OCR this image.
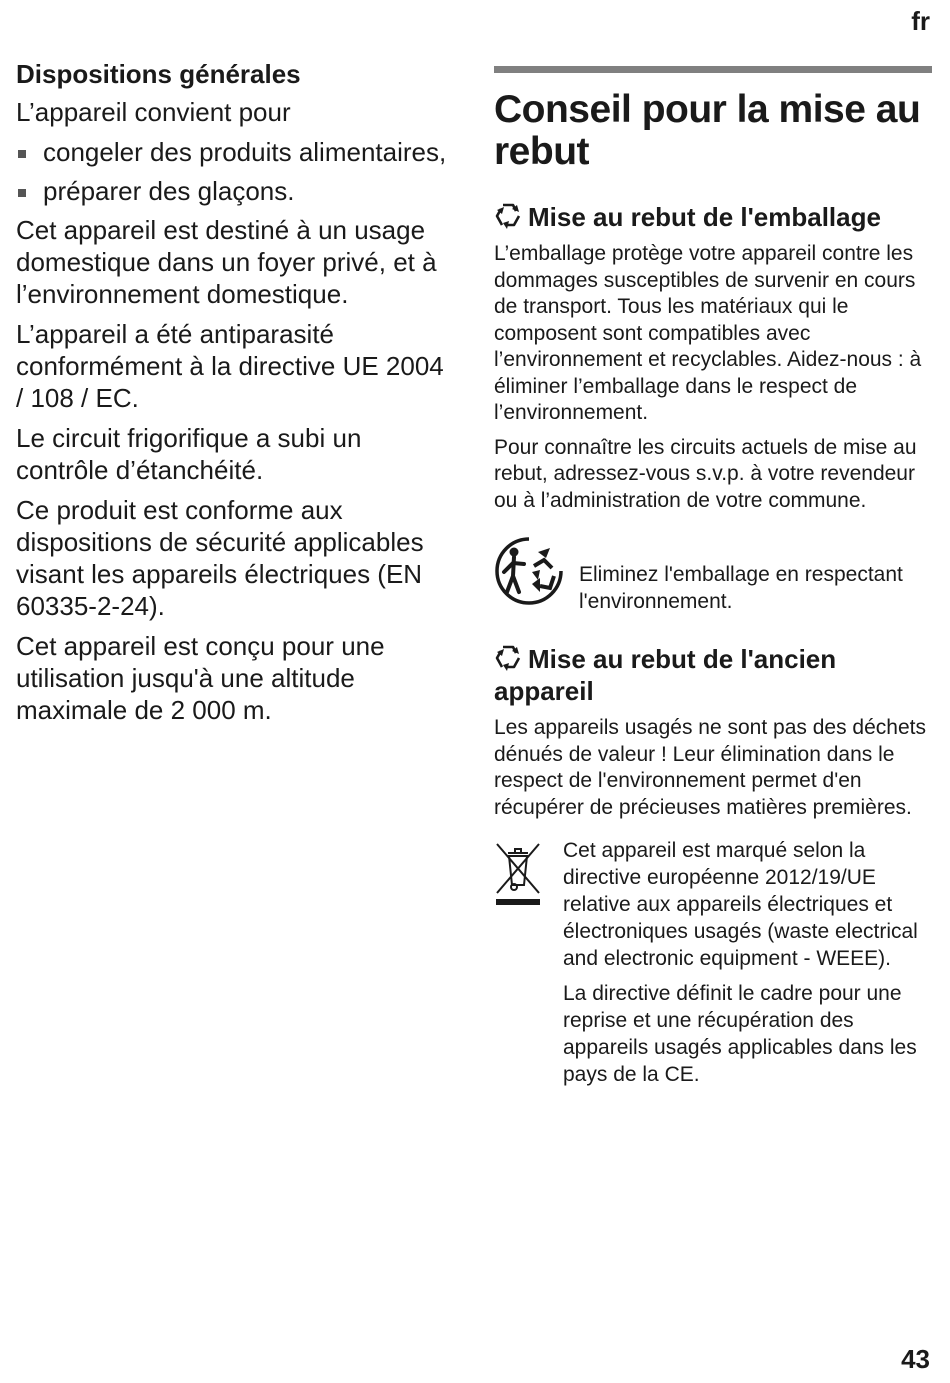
fr
Dispositions générales

L’appareil convient pour

congeler des produits alimentaires,
préparer des glaçons.

Cet appareil est destiné à un usage domestique dans un foyer privé, et à l’environnement domestique.

L’appareil a été antiparasité conformément à la directive UE 2004 / 108 / EC.

Le circuit frigorifique a subi un contrôle d’étanchéité.

Ce produit est conforme aux dispositions de sécurité applicables visant les appareils électriques (EN 60335-2-24).

Cet appareil est conçu pour une utilisation jusqu'à une altitude maximale de 2 000 m.

Conseil pour la mise au rebut
Mise au rebut de l'emballage

L’emballage protège votre appareil contre les dommages susceptibles de survenir en cours de transport. Tous les matériaux qui le composent sont compatibles avec l’environnement et recyclables. Aidez-nous : à éliminer l’emballage dans le respect de l’environnement.

Pour connaître les circuits actuels de mise au rebut, adressez-vous s.v.p. à votre revendeur ou à l’administration de votre commune.

Eliminez l'emballage en respectant l'environnement.
Mise au rebut de l'ancien appareil

Les appareils usagés ne sont pas des déchets dénués de valeur ! Leur élimination dans le respect de l'environnement permet d'en récupérer de précieuses matières premières.

Cet appareil est marqué selon la directive européenne 2012/19/UE relative aux appareils électriques et électroniques usagés (waste electrical and electronic equipment - WEEE).

La directive définit le cadre pour une reprise et une récupération des appareils usagés applicables dans les pays de la CE.

43
